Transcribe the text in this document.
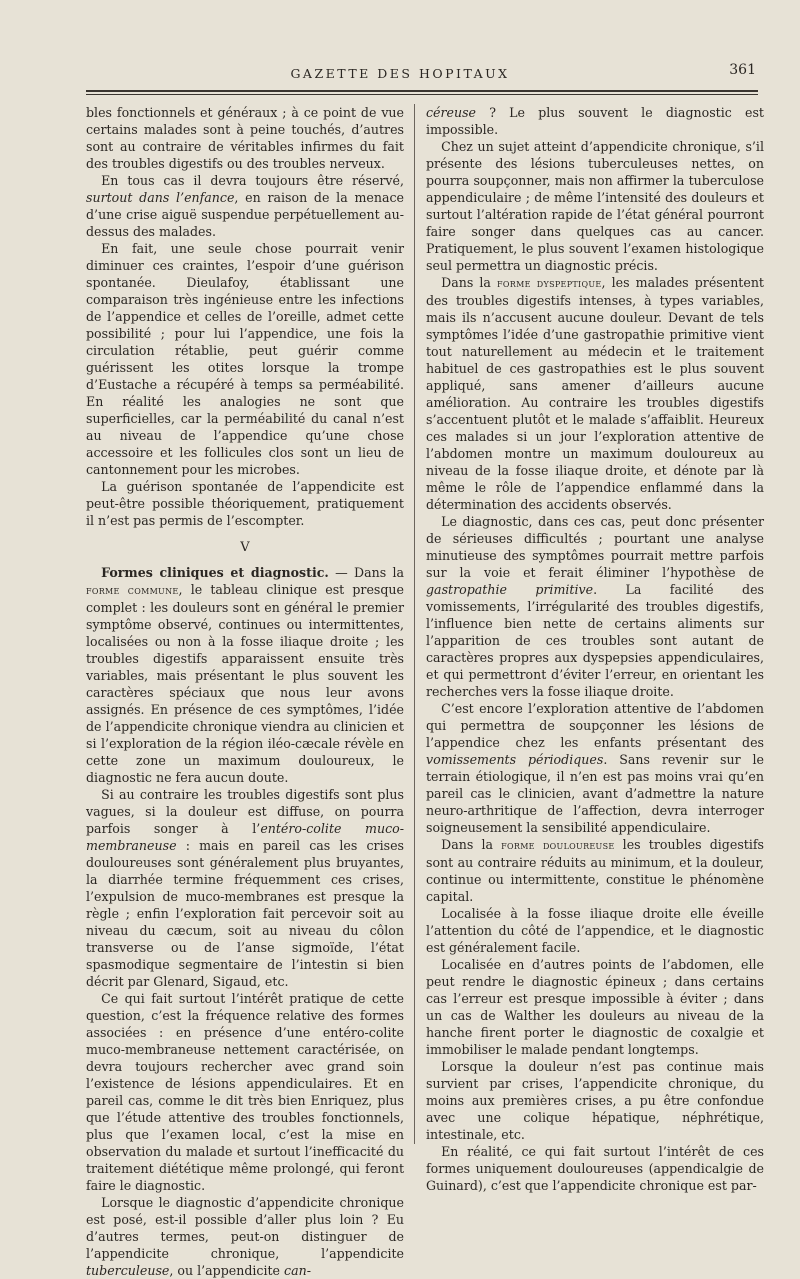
GAZETTE DES HOPITAUX	361

bles fonctionnels et généraux ; à ce point de vue certains malades sont à peine touchés, d’autres sont au contraire de véritables infirmes du fait des troubles digestifs ou des troubles nerveux.

En tous cas il devra toujours être réservé, surtout dans l’enfance, en raison de la menace d’une crise aiguë suspendue perpétuellement au-dessus des malades.

En fait, une seule chose pourrait venir diminuer ces craintes, l’espoir d’une guérison spontanée. Dieulafoy, établissant une comparaison très ingénieuse entre les infections de l’appendice et celles de l’oreille, admet cette possibilité ; pour lui l’appendice, une fois la circulation rétablie, peut guérir comme guérissent les otites lorsque la trompe d’Eustache a récupéré à temps sa perméabilité. En réalité les analogies ne sont que superficielles, car la perméabilité du canal n’est au niveau de l’appendice qu’une chose accessoire et les follicules clos sont un lieu de cantonnement pour les microbes.

La guérison spontanée de l’appendicite est peut-être possible théoriquement, pratiquement il n’est pas permis de l’escompter.

V

Formes cliniques et diagnostic. — Dans la forme commune, le tableau clinique est presque complet : les douleurs sont en général le premier symptôme observé, continues ou intermittentes, localisées ou non à la fosse iliaque droite ; les troubles digestifs apparaissent ensuite très variables, mais présentant le plus souvent les caractères spéciaux que nous leur avons assignés. En présence de ces symptômes, l’idée de l’appendicite chronique viendra au clinicien et si l’exploration de la région iléo-cæcale révèle en cette zone un maximum douloureux, le diagnostic ne fera aucun doute.

Si au contraire les troubles digestifs sont plus vagues, si la douleur est diffuse, on pourra parfois songer à l’entéro-colite muco-membraneuse : mais en pareil cas les crises douloureuses sont généralement plus bruyantes, la diarrhée termine fréquemment ces crises, l’expulsion de muco-membranes est presque la règle ; enfin l’exploration fait percevoir soit au niveau du cæcum, soit au niveau du côlon transverse ou de l’anse sigmoïde, l’état spasmodique segmentaire de l’intestin si bien décrit par Glenard, Sigaud, etc.

Ce qui fait surtout l’intérêt pratique de cette question, c’est la fréquence relative des formes associées : en présence d’une entéro-colite muco-membraneuse nettement caractérisée, on devra toujours rechercher avec grand soin l’existence de lésions appendiculaires. Et en pareil cas, comme le dit très bien Enriquez, plus que l’étude attentive des troubles fonctionnels, plus que l’examen local, c’est la mise en observation du malade et surtout l’inefficacité du traitement diététique même prolongé, qui feront faire le diagnostic.

Lorsque le diagnostic d’appendicite chronique est posé, est-il possible d’aller plus loin ? Eu d’autres termes, peut-on distinguer de l’appendicite chronique, l’appendicite tuberculeuse, ou l’appendicite can-

céreuse ? Le plus souvent le diagnostic est impossible.

Chez un sujet atteint d’appendicite chronique, s’il présente des lésions tuberculeuses nettes, on pourra soupçonner, mais non affirmer la tuberculose appendiculaire ; de même l’intensité des douleurs et surtout l’altération rapide de l’état général pourront faire songer dans quelques cas au cancer. Pratiquement, le plus souvent l’examen histologique seul permettra un diagnostic précis.

Dans la forme dyspeptique, les malades présentent des troubles digestifs intenses, à types variables, mais ils n’accusent aucune douleur. Devant de tels symptômes l’idée d’une gastropathie primitive vient tout naturellement au médecin et le traitement habituel de ces gastropathies est le plus souvent appliqué, sans amener d’ailleurs aucune amélioration. Au contraire les troubles digestifs s’accentuent plutôt et le malade s’affaiblit. Heureux ces malades si un jour l’exploration attentive de l’abdomen montre un maximum douloureux au niveau de la fosse iliaque droite, et dénote par là même le rôle de l’appendice enflammé dans la détermination des accidents observés.

Le diagnostic, dans ces cas, peut donc présenter de sérieuses difficultés ; pourtant une analyse minutieuse des symptômes pourrait mettre parfois sur la voie et ferait éliminer l’hypothèse de gastropathie primitive. La facilité des vomissements, l’irrégularité des troubles digestifs, l’influence bien nette de certains aliments sur l’apparition de ces troubles sont autant de caractères propres aux dyspepsies appendiculaires, et qui permettront d’éviter l’erreur, en orientant les recherches vers la fosse iliaque droite.

C’est encore l’exploration attentive de l’abdomen qui permettra de soupçonner les lésions de l’appendice chez les enfants présentant des vomissements périodiques. Sans revenir sur le terrain étiologique, il n’en est pas moins vrai qu’en pareil cas le clinicien, avant d’admettre la nature neuro-arthritique de l’affection, devra interroger soigneusement la sensibilité appendiculaire.

Dans la forme douloureuse les troubles digestifs sont au contraire réduits au minimum, et la douleur, continue ou intermittente, constitue le phénomène capital.

Localisée à la fosse iliaque droite elle éveille l’attention du côté de l’appendice, et le diagnostic est généralement facile.

Localisée en d’autres points de l’abdomen, elle peut rendre le diagnostic épineux ; dans certains cas l’erreur est presque impossible à éviter ; dans un cas de Walther les douleurs au niveau de la hanche firent porter le diagnostic de coxalgie et immobiliser le malade pendant longtemps.

Lorsque la douleur n’est pas continue mais survient par crises, l’appendicite chronique, du moins aux premières crises, a pu être confondue avec une colique hépatique, néphrétique, intestinale, etc.

En réalité, ce qui fait surtout l’intérêt de ces formes uniquement douloureuses (appendicalgie de Guinard), c’est que l’appendicite chronique est par-
